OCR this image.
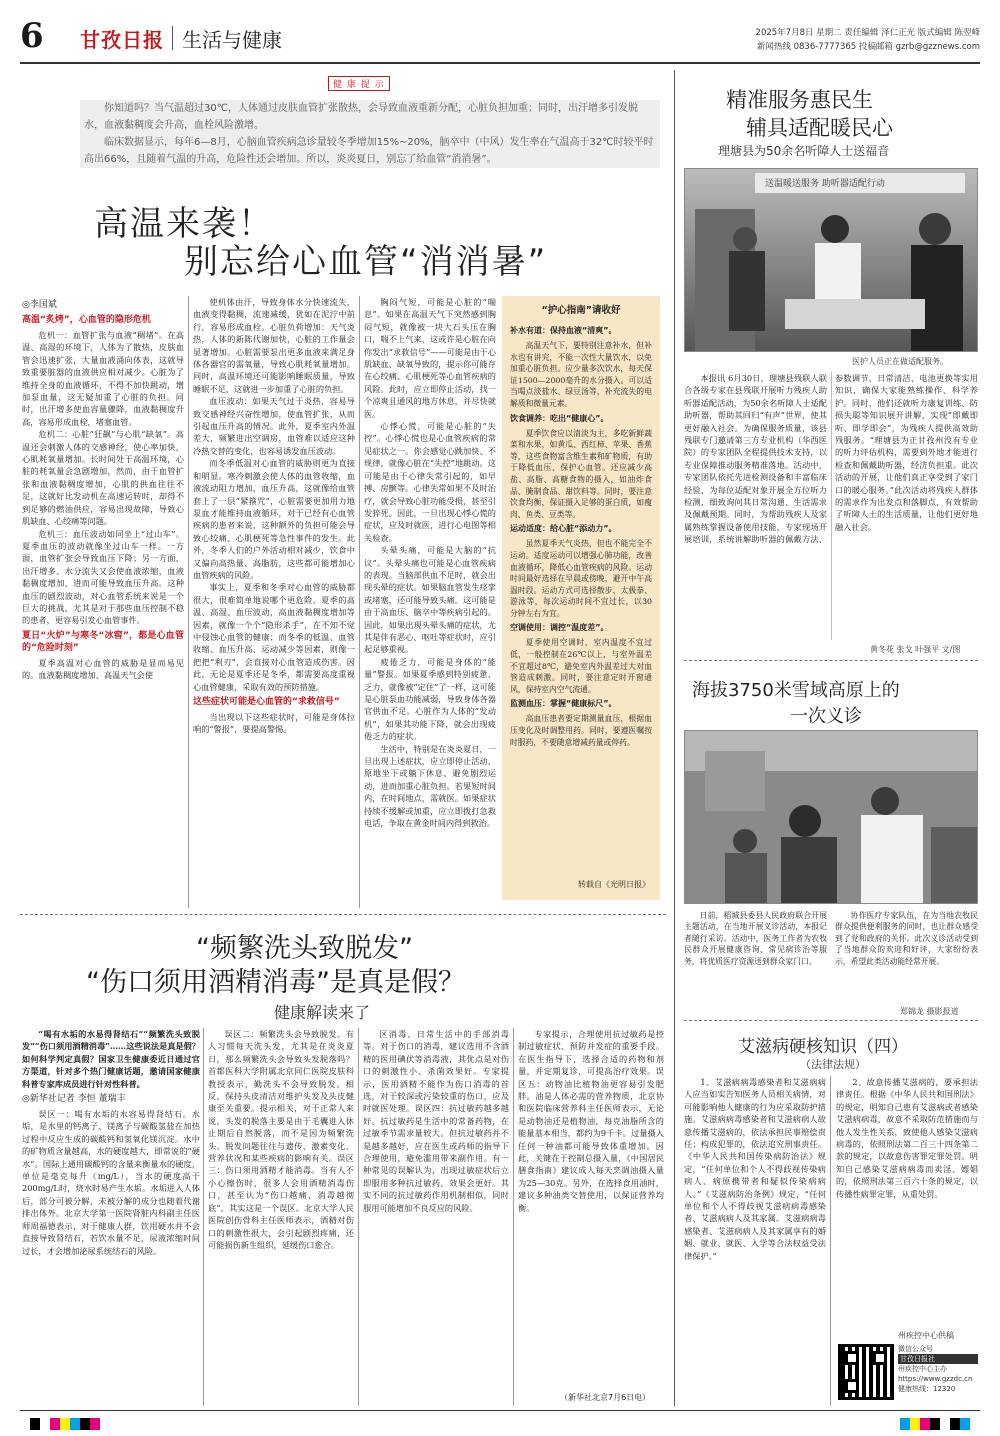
6 甘孜日报 生活与健康	2025年7月8日 星期二 责任编辑 泽仁正光 版式编辑 陈翌峰
新闻热线 0836-7777365 投稿邮箱 gzrb@gzznews.com
健 康 提 示

你知道吗？当气温超过30℃，人体通过皮肤血管扩张散热，会导致血液重新分配，心脏负担加重；同时，出汗增多引发脱水，血液黏稠度会升高，血栓风险激增。

临床数据显示，每年6—8月，心脑血管疾病急诊量较冬季增加15%~20%，脑卒中（中风）发生率在气温高于32℃时较平时高出66%，且随着气温的升高，危险性还会增加。所以，炎炎夏日，别忘了给血管“消消暑”。

高温来袭！
别忘给心血管“消消暑”
◎李国斌
高温“炙烤”，心血管的隐形危机

危机一：血管扩张与血液“稠堵”。在高温、高湿的环境下，人体为了散热，皮肤血管会迅速扩张，大量血液涌向体表，这就导致重要脏器的血液供应相对减少。心脏为了维持全身的血液循环，不得不加快跳动，增加泵血量，这无疑加重了心脏的负担。同时，出汗增多使血容量骤降，血液黏稠度升高，容易形成血栓，堵塞血管。

危机二：心脏“狂飙”与心肌“缺氧”。高温还会刺激人体的交感神经，使心率加快，心肌耗氧量增加。长时间处于高温环境，心脏的耗氧量会急剧增加，然而，由于血管扩张和血液黏稠度增加，心肌的供血往往不足，这就好比发动机在高速运转时，却得不到足够的燃油供应，容易出现故障，导致心肌缺血、心绞痛等问题。

危机三：血压波动如同坐上“过山车”。夏季血压的波动就像坐过山车一样。一方面，血管扩张会导致血压下降；另一方面，出汗增多、水分流失又会使血液浓缩，血液黏稠度增加，进而可能导致血压升高。这种血压的剧烈波动，对心血管系统来说是一个巨大的挑战，尤其是对于那些血压控制不稳的患者，更容易引发心血管事件。

夏日“火炉”与寒冬“冰窖”，都是心血管的“危险时刻”

夏季高温对心血管的威胁是显而易见的。血液黏稠度增加、高温天气会使

使机体由汗，导致身体水分快速流失，血液变得黏稠，流速减缓，犹如在泥泞中前行，容易形成血栓。心脏负荷增加：天气炎热，人体的新陈代谢加快，心脏的工作量会显著增加。心脏需要泵出更多血液来满足身体各器官的需氧量，导致心肌耗氧量增加。同时，高温环境还可能影响睡眠质量，导致睡眠不足，这就进一步加重了心脏的负担。

血压波动：如果天气过于炎热，容易导致交感神经兴奋性增加，使血管扩张，从而引起血压升高的情况。此外，夏季室内外温差大，频繁进出空调房，血管难以适应这种冷热交替的变化，也容易诱发血压波动。

而冬季低温对心血管的威胁则更为直接和明显。寒冷刺激会使人体的血管收缩，血液流动阻力增加，血压升高，这就像给血管套上了一层“紧箍咒”，心脏需要更加用力地泵血才能维持血液循环，对于已经有心血管疾病的患者来说，这种额外的负担可能会导致心绞痛、心肌梗死等急性事件的发生。此外，冬季人们的户外活动相对减少，饮食中又偏向高热量、高脂肪，这些都可能增加心血管疾病的风险。

事实上，夏季和冬季对心血管的威胁都很大，很难简单地说哪个更危险。夏季的高温、高湿、血压波动，高血液黏稠度增加等因素，就像一个个“隐形杀手”，在不知不觉中侵蚀心血管的健康；而冬季的低温、血管收缩、血压升高、运动减少等因素，则像一把把“利刃”，会直接对心血管造成伤害。因此，无论是夏季还是冬季，都需要高度重视心血管健康，采取有效的预防措施。

这些症状可能是心血管的“求救信号”

当出现以下这些症状时，可能是身体拉响的“警报”，要提高警惕。

胸闷气短，可能是心脏的“喘息”。如果在高温天气下突然感到胸闷气短，就像被一块大石头压在胸口，喘不上气来，这或许是心脏在向你发出“求救信号”——可能是由于心肌缺血、缺氧导致的，提示你可能存在心绞痛、心肌梗死等心血管疾病的风险。此时，应立即停止活动，找一个凉爽且通风的地方休息，并尽快就医。

心悸心慌，可能是心脏的“失控”。心悸心慌也是心血管疾病的常见症状之一。你会感觉心跳加快、不规律，就像心脏在“失控”地跳动。这可能是由于心律失常引起的，如早搏、房颤等。心律失常如果不及时治疗，就会导致心脏功能受损，甚至引发猝死。因此，一旦出现心悸心慌的症状，应及时就医，进行心电图等相关检查。

头晕头痛，可能是大脑的“抗议”。头晕头痛也可能是心血管疾病的表现。当脑部供血不足时，就会出现头晕的症状。如果脑血管发生痉挛或堵塞，还可能导致头痛。这可能是由于高血压、脑卒中等疾病引起的。因此，如果出现头晕头痛的症状，尤其是伴有恶心、呕吐等症状时，应引起足够重视。

疲倦乏力，可能是身体的“能量”警报。如果夏季感到特别疲惫、乏力，就像被“定住”了一样，这可能是心脏泵血功能减弱，导致身体各器官供血不足。心脏作为人体的“发动机”，如果其功能下降，就会出现疲倦乏力的症状。

生活中，特别是在炎炎夏日，一旦出现上述症状，应立即停止活动，原地坐下或躺下休息，避免剧烈运动，进而加重心脏负担。若果短时间内，在时间地点，需就医。如果症状持续不缓解或加重，应立即拨打急救电话，争取在黄金时间内得到救治。

“护心指南”请收好
补水有道：保持血液“清爽”。

高温天气下，要特别注意补水，但补水也有讲究，不能一次性大量饮水，以免加重心脏负担。应少量多次饮水，每天保证1500—2000毫升的水分摄入。可以适当喝点淡盐水、绿豆汤等，补充流失的电解质和微量元素。

饮食调养：吃出“健康心”。

夏季饮食应以清淡为主，多吃新鲜蔬菜和水果，如黄瓜、西红柿、苹果、香蕉等，这些食物富含维生素和矿物质，有助于降低血压、保护心血管。还应减少高盐、高脂、高糖食物的摄入，如油炸食品、腌制食品、甜饮料等。同时，要注意饮食均衡，保证摄入足够的蛋白质，如瘦肉、鱼类、豆类等。

运动适度：给心脏“添动力”。

虽然夏季天气炎热，但也不能完全不运动。适度运动可以增强心肺功能，改善血液循环，降低心血管疾病的风险。运动时间最好选择在早晨或傍晚，避开中午高温时段。运动方式可选择散步、太极拳、游泳等，每次运动时间不宜过长，以30分钟左右为宜。

空调使用：调控“温度差”。

夏季使用空调时，室内温度不宜过低，一般控制在26℃以上，与室外温差不宜超过8℃，避免室内外温差过大对血管造成刺激。同时，要注意定时开窗通风，保持室内空气流通。

监测血压：掌握“健康标尺”。

高血压患者要定期测量血压，根据血压变化及时调整用药。同时，要遵医嘱按时服药，不要随意增减药量或停药。

转载自《光明日报》
“频繁洗头致脱发”
“伤口须用酒精消毒”是真是假？
健康解读来了

“喝有水垢的水易得肾结石”“频繁洗头致脱发”“伤口须用酒精消毒”……这些说法是真是假？如何科学判定真假？国家卫生健康委近日通过官方渠道，针对多个热门健康话题，邀请国家健康科普专家库成员进行针对性科普。

◎新华社记者 李恒 董瑞丰

误区一：喝有水垢的水容易得肾结石。水垢，是水里的钙离子、镁离子与碳酸氢盐在加热过程中反应生成的碳酸钙和氢氧化镁沉淀。水中的矿物质含量越高，水的硬度越大，即常说的“硬水”。国际上通用碳酸钙的含量来衡量水的硬度，单位是毫克每升（mg/L），当水的硬度高于200mg/L时，烧水时易产生水垢。水垢进入人体后，部分可被分解，未被分解的成分也随着代谢排出体外。北京大学第一医院肾脏内科副主任医师周福德表示，对于健康人群，饮用硬水并不会直接导致肾结石，若饮水量不足，尿液浓缩时间过长，才会增加泌尿系统结石的风险。

误区二：频繁洗头会导致脱发。有人习惯每天洗头发，尤其是在炎炎夏日，那么频繁洗头会导致头发脱落吗？首都医科大学附属北京同仁医院皮肤科教授表示，勤洗头不会导致脱发。相反，保持头皮清洁对维护头发及头皮健康至关重要。提示相关，对于正常人来说，头发的脱落主要是由于毛囊进入休止期后自然脱落，而不是因为频繁洗头。脱发问题往往与遗传、激素变化、营养状况和某些疾病的影响有关。误区三：伤口须用酒精才能消毒。当有人不小心擦伤时，很多人会用酒精消毒伤口，甚至认为“伤口越痛，消毒越彻底”。其实这是一个误区。北京大学人民医院创伤骨科主任医师表示，酒精对伤口的刺激性很大，会引起剧烈疼痛，还可能损伤新生组织，延缓伤口愈合。

区消毒、日常生活中的手部消毒等。对于伤口的消毒，建议选用不含酒精的医用碘伏等消毒液，其优点是对伤口的刺激性小、杀菌效果好。专家提示，医用酒精不能作为伤口消毒的首选，对于较深或污染较重的伤口，应及时就医处理。误区四：抗过敏药越多越好。抗过敏药是生活中的常备药物，在过敏季节需求量较大。但抗过敏药并不是越多越好，应在医生或药师的指导下合理使用，避免滥用带来副作用。有一种常见的误解认为，出现过敏症状后立即服用多种抗过敏药，效果会更好。其实不同的抗过敏药作用机制相似，同时服用可能增加不良反应的风险。

专家提示，合理使用抗过敏药是控制过敏症状、预防并发症的重要手段。在医生指导下，选择合适的药物和剂量，并定期复诊，可提高治疗效果。误区五：动物油比植物油更容易引发肥胖。油是人体必需的营养物质，北京协和医院临床营养科主任医师表示，无论是动物油还是植物油，每克油脂所含的能量基本相当，都约为9千卡。过量摄入任何一种油都可能导致体重增加。因此，关键在于控制总摄入量，《中国居民膳食指南》建议成人每天烹调油摄入量为25—30克。另外，在选择食用油时，建议多种油类交替使用，以保证营养均衡。

（新华社北京7月6日电）
精准服务惠民生
辅具适配暖民心
理塘县为50余名听障人士送福音
送温暖送服务 助听器适配行动
医护人员正在做适配服务。

本报讯 6月30日，理塘县残联人联合各级专家在县残联开展听力残疾人助听器适配活动，为50余名听障人士适配助听器，帮助其回归“有声”世界，使其更好融入社会。为确保服务质量，该县残联专门邀请第三方专业机构（华西医院）的专家团队全程提供技术支持，以专业保障推动服务精准落地。活动中，专家团队依托先进检测设备和丰富临床经验，为每位适配对象开展全方位听力检测，细致询问其日常沟通、生活需求及佩戴预期。同时，为帮助残疾人及家属熟练掌握设备使用技能，专家现场开展培训，系统讲解助听器的佩戴方法、参数调节、日常清洁、电池更换等实用知识，确保大家能熟练操作、科学养护。同时，他们还就听力康复训练、防损失聪等知识展开讲解，实现“即戴即听、即学即会”，为残疾人提供高效助残服务。“理塘县为正甘孜州没有专业的听力评估机构，需要到外地才能进行检查和佩戴助听器，经济负担重。此次活动的开展，让他们真正享受到了家门口的暖心服务。”此次活动将残疾人群体的需求作为出发点和落脚点，有效帮助了听障人士的生活质量，让他们更好地融入社会。

黄冬花 张戈 叶强平 文/图
海拔3750米雪域高原上的
一次义诊

日前，稻城县委县人民政府联合开展主题活动，在当地开展义诊活动，本报记者随行采访。活动中，医务工作者为农牧民群众开展健康咨询、常见病诊治等服务，将优质医疗资源送到群众家门口。

协作医疗专家队伍，在为当地农牧民群众提供便利服务的同时，也让群众感受到了党和政府的关怀。此次义诊活动受到了当地群众的欢迎和好评，大家纷纷表示，希望此类活动能经常开展。

郑锦龙 摄影报道
艾滋病硬核知识（四）
（法律法规）

1、艾滋病病毒感染者和艾滋病病人应当如实告知医务人员相关病情，对可能影响他人健康的行为应采取防护措施。艾滋病病毒感染者和艾滋病病人故意传播艾滋病的，依法承担民事赔偿责任；构成犯罪的，依法追究刑事责任。《中华人民共和国传染病防治法》规定，“任何单位和个人不得歧视传染病病人、病原携带者和疑似传染病病人。”《艾滋病防治条例》规定，“任何单位和个人不得歧视艾滋病病毒感染者、艾滋病病人及其家属。艾滋病病毒感染者、艾滋病病人及其家属享有的婚姻、就业、就医、入学等合法权益受法律保护。”

2、故意传播艾滋病的，要承担法律责任。根据《中华人民共和国刑法》的规定，明知自己患有艾滋病或者感染艾滋病病毒，故意不采取防范措施而与他人发生性关系，致使他人感染艾滋病病毒的，依照刑法第二百三十四条第二款的规定，以故意伤害罪定罪处罚。明知自己感染艾滋病病毒而卖淫、嫖娼的，依照刑法第三百六十条的规定，以传播性病罪定罪，从重处罚。

州疾控中心供稿
微信公众号
甘孜日报社
州疾控中心主办
https://www.gzzdc.cn
健康热线：12320
